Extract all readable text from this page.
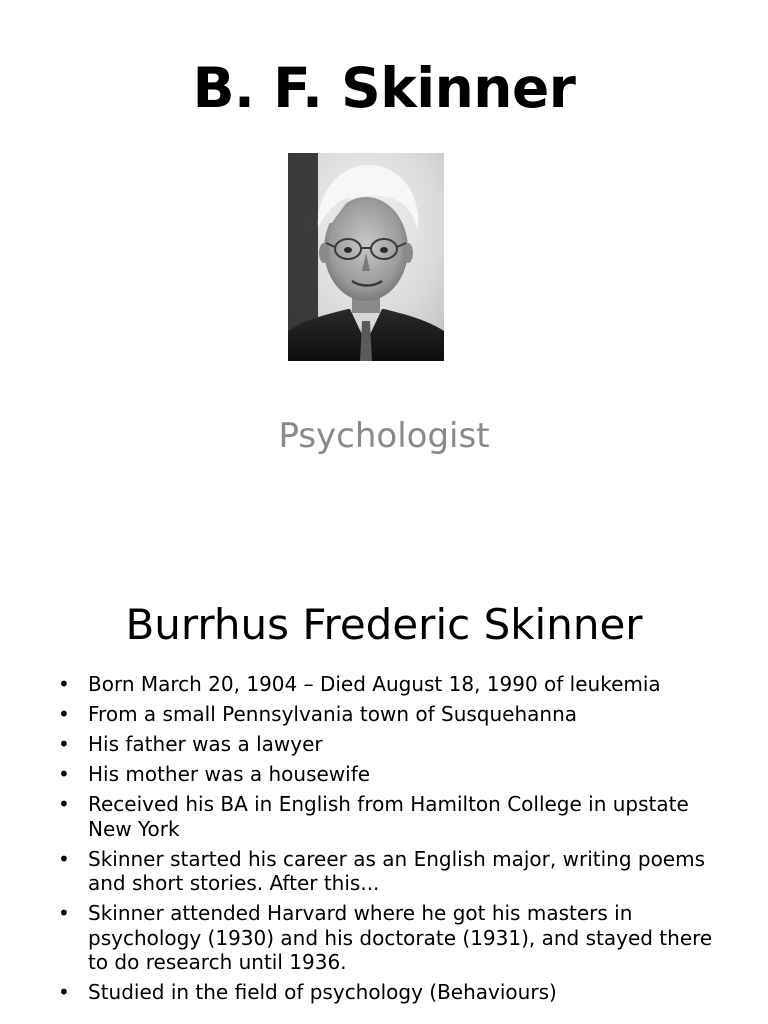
B. F. Skinner
Psychologist
Burrhus Frederic Skinner
• Born March 20, 1904 – Died August 18, 1990 of leukemia
• From a small Pennsylvania town of Susquehanna
• His father was a lawyer
• His mother was a housewife
• Received his BA in English from Hamilton College in upstate New York
• Skinner started his career as an English major, writing poems and short stories. After this...
• Skinner attended Harvard where he got his masters in psychology (1930) and his doctorate (1931), and stayed there to do research until 1936.
• Studied in the field of psychology (Behaviours)
